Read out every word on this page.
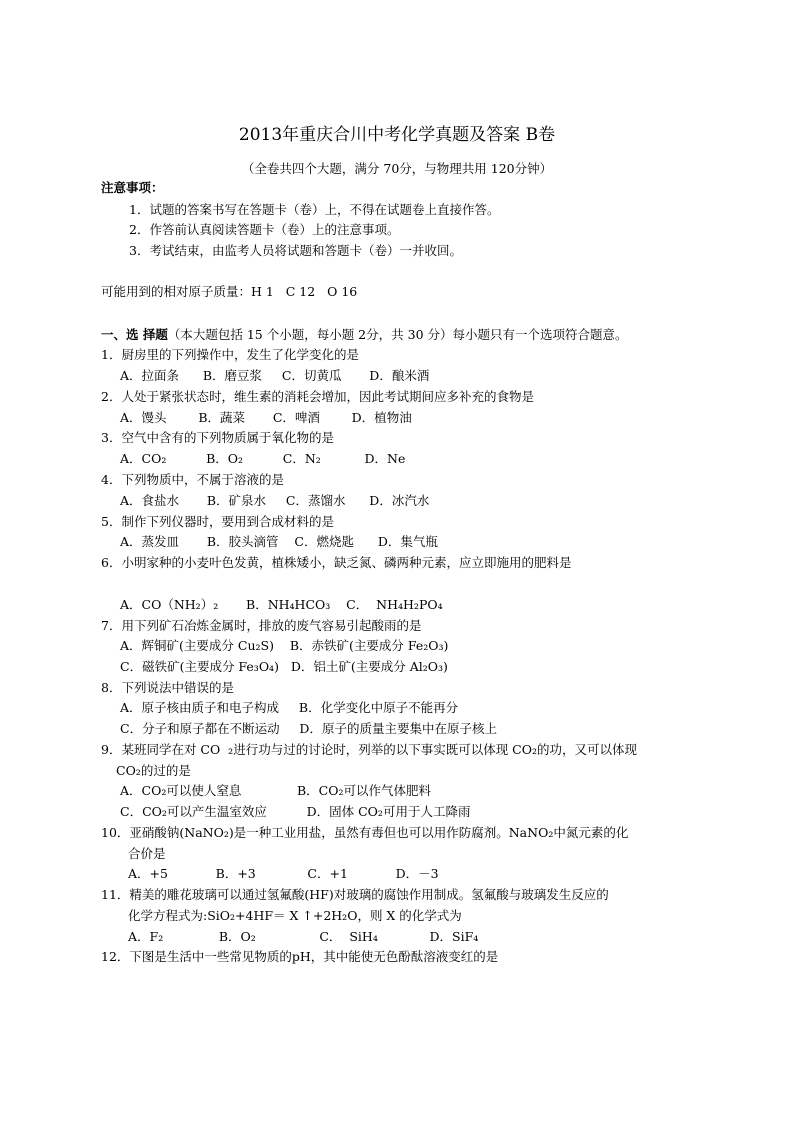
2013年重庆合川中考化学真题及答案 B卷
（全卷共四个大题，满分 70分，与物理共用 120分钟）
注意事项：
1．试题的答案书写在答题卡（卷）上，不得在试题卷上直接作答。
2．作答前认真阅读答题卡（卷）上的注意事项。
3．考试结束，由监考人员将试题和答题卡（卷）一并收回。
可能用到的相对原子质量：H 1   C 12   O 16
一、选 择题（本大题包括 15 个小题，每小题 2分，共 30 分）每小题只有一个选项符合题意。
1．厨房里的下列操作中，发生了化学变化的是
A．拉面条      B．磨豆浆     C．切黄瓜       D．酿米酒
2．人处于紧张状态时，维生素的消耗会增加，因此考试期间应多补充的食物是
A．馒头        B．蔬菜       C．啤酒        D．植物油
3．空气中含有的下列物质属于氧化物的是
A．CO₂          B．O₂          C．N₂           D．Ne
4．下列物质中，不属于溶液的是
A．食盐水       B．矿泉水     C．蒸馏水      D．冰汽水
5．制作下列仪器时，要用到合成材料的是
A．蒸发皿       B．胶头滴管    C．燃烧匙      D．集气瓶
6．小明家种的小麦叶色发黄，植株矮小，缺乏氮、磷两种元素，应立即施用的肥料是
A．CO（NH₂）₂       B．NH₄HCO₃    C．  NH₄H₂PO₄
7．用下列矿石冶炼金属时，排放的废气容易引起酸雨的是
A．辉铜矿(主要成分 Cu₂S)    B．赤铁矿(主要成分 Fe₂O₃)
C．磁铁矿(主要成分 Fe₃O₄)   D．铝土矿(主要成分 Al₂O₃)
8．下列说法中错误的是
A．原子核由质子和电子构成     B．化学变化中原子不能再分
C．分子和原子都在不断运动     D．原子的质量主要集中在原子核上
9．某班同学在对 CO  ₂进行功与过的讨论时，列举的以下事实既可以体现 CO₂的功，又可以体现
CO₂的过的是
A．CO₂可以使人窒息              B．CO₂可以作气体肥料
C．CO₂可以产生温室效应          D．固体 CO₂可用于人工降雨
10．亚硝酸钠(NaNO₂)是一种工业用盐，虽然有毒但也可以用作防腐剂。NaNO₂中氮元素的化
合价是
A．+5            B．+3             C．+1            D．－3
11．精美的雕花玻璃可以通过氢氟酸(HF)对玻璃的腐蚀作用制成。氢氟酸与玻璃发生反应的
化学方程式为:SiO₂+4HF＝ X ↑+2H₂O，则 X 的化学式为
A．F₂              B．O₂                C．  SiH₄             D．SiF₄
12．下图是生活中一些常见物质的pH，其中能使无色酚酞溶液变红的是
